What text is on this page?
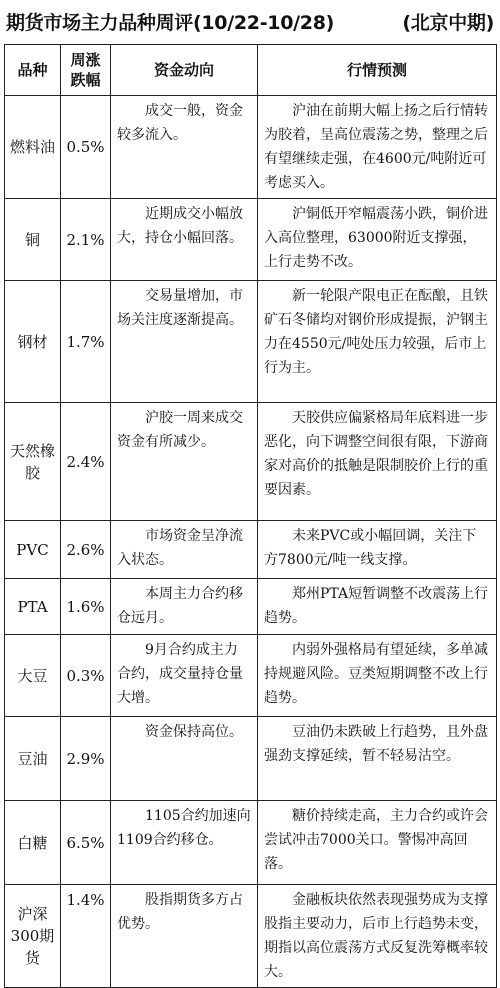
期货市场主力品种周评(10/22-10/28)	(北京中期)
品种	周涨跌幅	资金动向	行情预测
燃料油	0.5%	成交一般，资金较多流入。	沪油在前期大幅上扬之后行情转为胶着，呈高位震荡之势，整理之后有望继续走强，在4600元/吨附近可考虑买入。
铜	2.1%	近期成交小幅放大，持仓小幅回落。	沪铜低开窄幅震荡小跌，铜价进入高位整理，63000附近支撑强，上行走势不改。
钢材	1.7%	交易量增加，市场关注度逐渐提高。	新一轮限产限电正在酝酿，且铁矿石冬储均对钢价形成提振，沪钢主力在4550元/吨处压力较强，后市上行为主。
天然橡胶	2.4%	沪胶一周来成交资金有所减少。	天胶供应偏紧格局年底料进一步恶化，向下调整空间很有限，下游商家对高价的抵触是限制胶价上行的重要因素。
PVC	2.6%	市场资金呈净流入状态。	未来PVC或小幅回调，关注下方7800元/吨一线支撑。
PTA	1.6%	本周主力合约移仓远月。	郑州PTA短暂调整不改震荡上行趋势。
大豆	0.3%	9月合约成主力合约，成交量持仓量大增。	内弱外强格局有望延续，多单减持规避风险。豆类短期调整不改上行趋势。
豆油	2.9%	资金保持高位。	豆油仍未跌破上行趋势，且外盘强劲支撑延续，暂不轻易沽空。
白糖	6.5%	1105合约加速向1109合约移仓。	糖价持续走高，主力合约或许会尝试冲击7000关口。警惕冲高回落。
沪深300期货	1.4%	股指期货多方占优势。	金融板块依然表现强势成为支撑股指主要动力，后市上行趋势未变，期指以高位震荡方式反复洗筹概率较大。
